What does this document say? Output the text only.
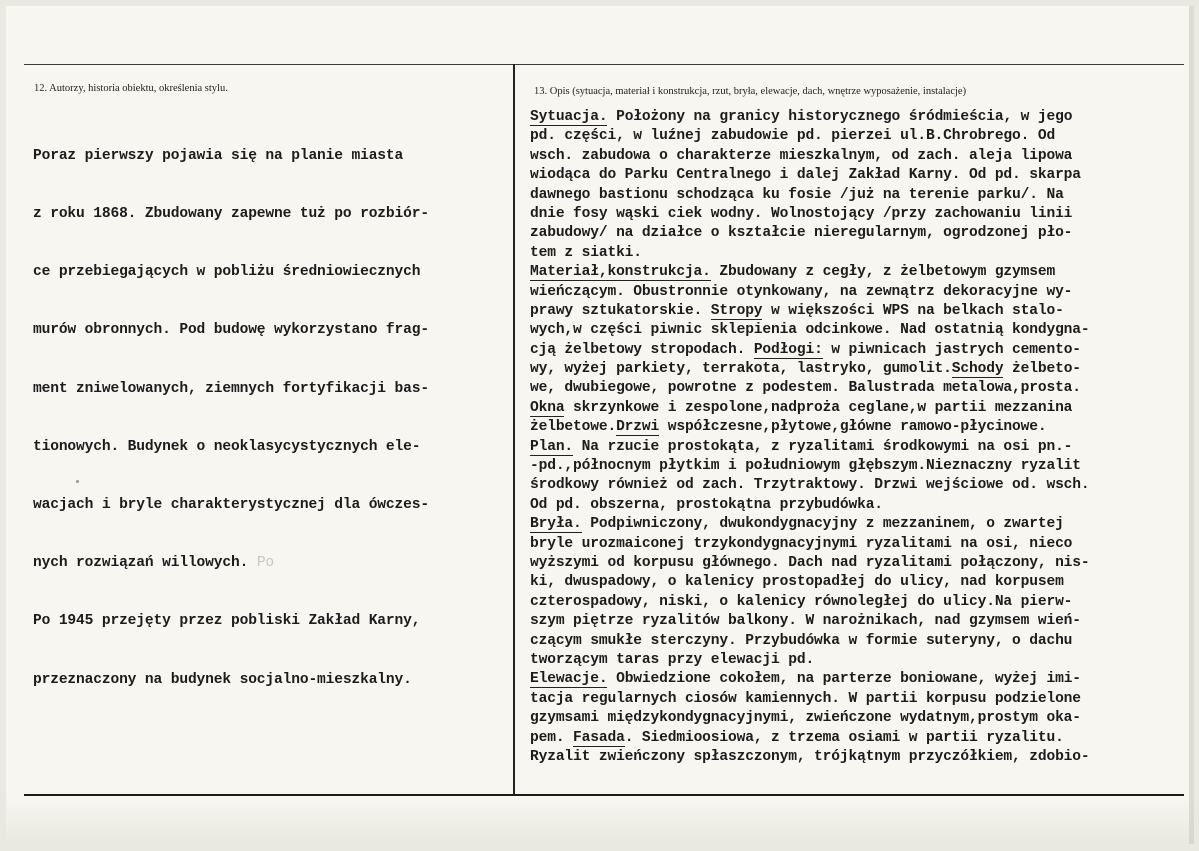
12. Autorzy, historia obiektu, określenia stylu.	13. Opis (sytuacja, materiał i konstrukcja, rzut, bryła, elewacje, dach, wnętrze wyposażenie, instalacje)

Poraz pierwszy pojawia się na planie miasta

z roku 1868. Zbudowany zapewne tuż po rozbiór-

ce przebiegających w pobliżu średniowiecznych

murów obronnych. Pod budowę wykorzystano frag-

ment zniwelowanych, ziemnych fortyfikacji bas-

tionowych. Budynek o neoklasycystycznych ele-

wacjach i bryle charakterystycznej dla ówczes-

nych rozwiązań willowych. Po

Po 1945 przejęty przez pobliski Zakład Karny,

przeznaczony na budynek socjalno-mieszkalny.

Sytuacja. Położony na granicy historycznego śródmieścia, w jego
pd. części, w luźnej zabudowie pd. pierzei ul.B.Chrobrego. Od
wsch. zabudowa o charakterze mieszkalnym, od zach. aleja lipowa
wiodąca do Parku Centralnego i dalej Zakład Karny. Od pd. skarpa
dawnego bastionu schodząca ku fosie /już na terenie parku/. Na
dnie fosy wąski ciek wodny. Wolnostojący /przy zachowaniu linii
zabudowy/ na działce o kształcie nieregularnym, ogrodzonej pło-
tem z siatki.
Materiał,konstrukcja. Zbudowany z cegły, z żelbetowym gzymsem
wieńczącym. Obustronnie otynkowany, na zewnątrz dekoracyjne wy-
prawy sztukatorskie. Stropy w większości WPS na belkach stalo-
wych,w części piwnic sklepienia odcinkowe. Nad ostatnią kondygna-
cją żelbetowy stropodach. Podłogi: w piwnicach jastrych cemento-
wy, wyżej parkiety, terrakota, lastryko, gumolit.Schody żelbeto-
we, dwubiegowe, powrotne z podestem. Balustrada metalowa,prosta.
Okna skrzynkowe i zespolone,nadproża ceglane,w partii mezzanina
żelbetowe.Drzwi współczesne,płytowe,główne ramowo-płycinowe.
Plan. Na rzucie prostokąta, z ryzalitami środkowymi na osi pn.-
-pd.,północnym płytkim i południowym głębszym.Nieznaczny ryzalit
środkowy również od zach. Trzytraktowy. Drzwi wejściowe od. wsch.
Od pd. obszerna, prostokątna przybudówka.
Bryła. Podpiwniczony, dwukondygnacyjny z mezzaninem, o zwartej
bryle urozmaiconej trzykondygnacyjnymi ryzalitami na osi, nieco
wyższymi od korpusu głównego. Dach nad ryzalitami połączony, nis-
ki, dwuspadowy, o kalenicy prostopadłej do ulicy, nad korpusem
czterospadowy, niski, o kalenicy równoległej do ulicy.Na pierw-
szym piętrze ryzalitów balkony. W narożnikach, nad gzymsem wień-
czącym smukłe sterczyny. Przybudówka w formie suteryny, o dachu
tworzącym taras przy elewacji pd.
Elewacje. Obwiedzione cokołem, na parterze boniowane, wyżej imi-
tacja regularnych ciosów kamiennych. W partii korpusu podzielone
gzymsami międzykondygnacyjnymi, zwieńczone wydatnym,prostym oka-
pem. Fasada. Siedmioosiowa, z trzema osiami w partii ryzalitu.
Ryzalit zwieńczony spłaszczonym, trójkątnym przyczółkiem, zdobio-
